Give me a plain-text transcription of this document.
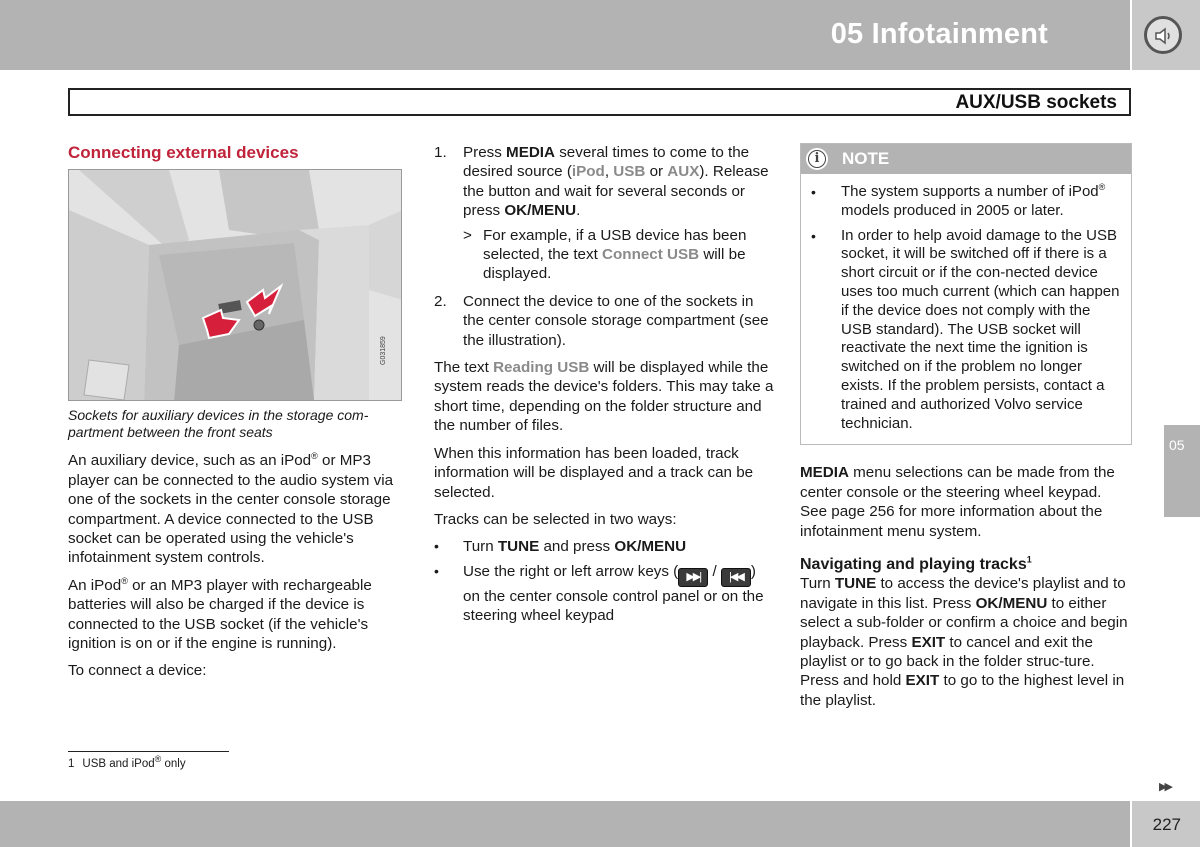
05 Infotainment
AUX/USB sockets
Connecting external devices
G031859
Sockets for auxiliary devices in the storage com-partment between the front seats

An auxiliary device, such as an iPod® or MP3 player can be connected to the audio system via one of the sockets in the center console storage compartment. A device connected to the USB socket can be operated using the vehicle's infotainment system controls.

An iPod® or an MP3 player with rechargeable batteries will also be charged if the device is connected to the USB socket (if the vehicle's ignition is on or if the engine is running).

To connect a device:

1. Press MEDIA several times to come to the desired source (iPod, USB or AUX). Release the button and wait for several seconds or press OK/MENU.
> For example, if a USB device has been selected, the text Connect USB will be displayed.
2. Connect the device to one of the sockets in the center console storage compartment (see the illustration).

The text Reading USB will be displayed while the system reads the device's folders. This may take a short time, depending on the folder structure and the number of files.

When this information has been loaded, track information will be displayed and a track can be selected.

Tracks can be selected in two ways:

• Turn TUNE and press OK/MENU
• Use the right or left arrow keys ( ▶▶| / |◀◀ ) on the center console control panel or on the steering wheel keypad
i	NOTE
• The system supports a number of iPod® models produced in 2005 or later.
• In order to help avoid damage to the USB socket, it will be switched off if there is a short circuit or if the con-nected device uses too much current (which can happen if the device does not comply with the USB standard). The USB socket will reactivate the next time the ignition is switched on if the problem no longer exists. If the problem persists, contact a trained and authorized Volvo service technician.

MEDIA menu selections can be made from the center console or the steering wheel keypad. See page 256 for more information about the infotainment menu system.

Navigating and playing tracks$^1$

Turn TUNE to access the device's playlist and to navigate in this list. Press OK/MENU to either select a sub-folder or confirm a choice and begin playback. Press EXIT to cancel and exit the playlist or to go back in the folder struc-ture. Press and hold EXIT to go to the highest level in the playlist.

05
1 USB and iPod® only
▶▶
227
